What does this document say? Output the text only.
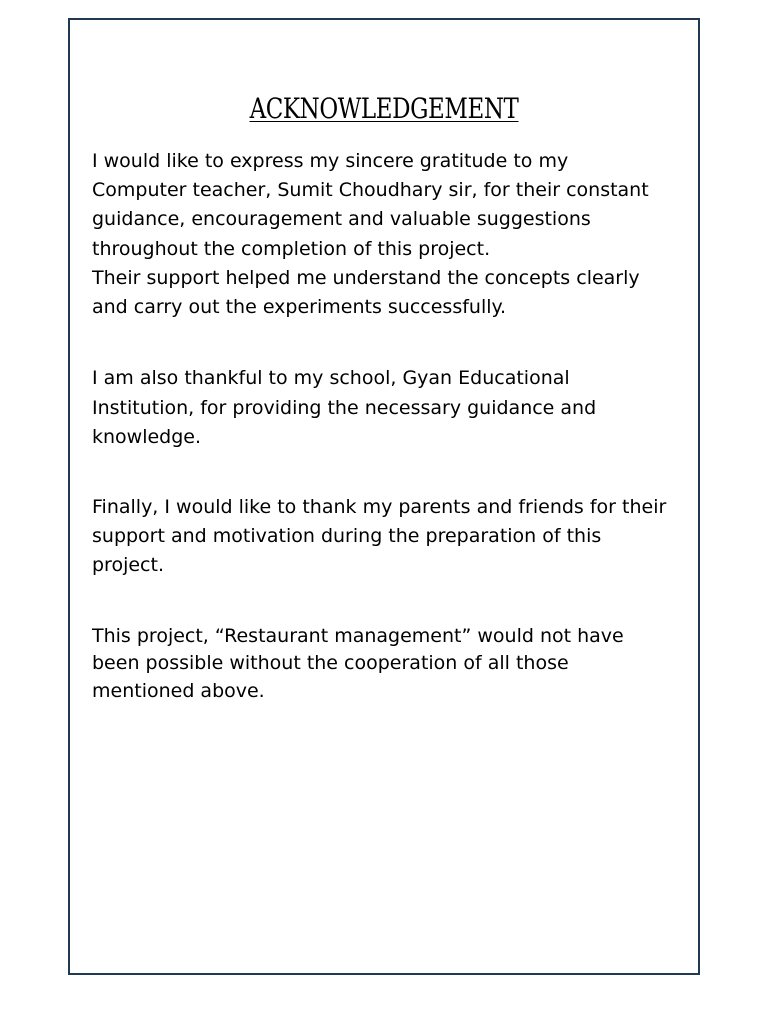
ACKNOWLEDGEMENT

I would like to express my sincere gratitude to my
Computer teacher, Sumit Choudhary sir, for their constant
guidance, encouragement and valuable suggestions
throughout the completion of this project.
Their support helped me understand the concepts clearly
and carry out the experiments successfully.

I am also thankful to my school, Gyan Educational
Institution, for providing the necessary guidance and
knowledge.

Finally, I would like to thank my parents and friends for their
support and motivation during the preparation of this
project.

This project, “Restaurant management” would not have
been possible without the cooperation of all those
mentioned above.
